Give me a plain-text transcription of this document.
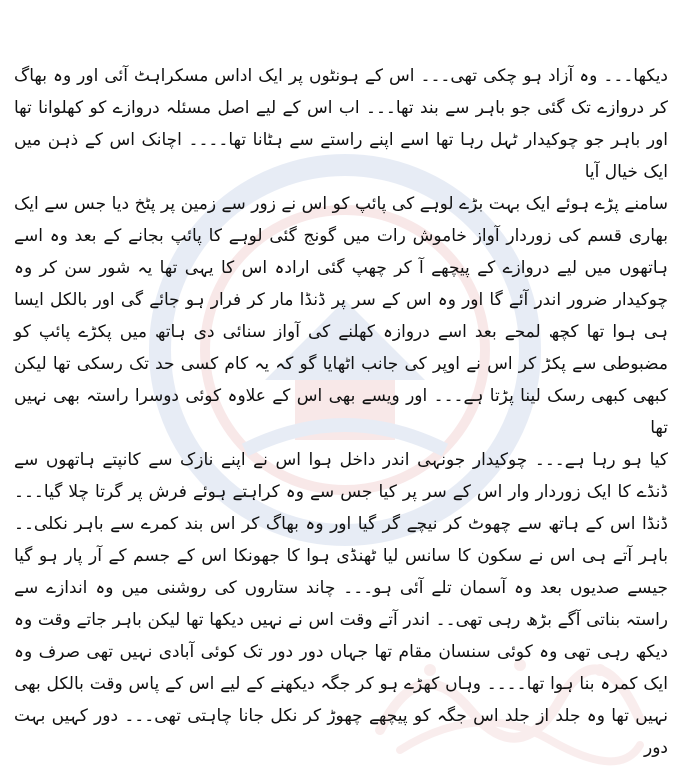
دیکھا۔۔۔ وہ آزاد ہو چکی تھی۔۔۔ اس کے ہونٹوں پر ایک اداس مسکراہٹ آئی اور وہ بھاگ کر دروازے تک گئی جو باہر سے بند تھا۔۔۔ اب اس کے لیے اصل مسئلہ دروازے کو کھلوانا تھا اور باہر جو چوکیدار ٹہل رہا تھا اسے اپنے راستے سے ہٹانا تھا۔۔۔۔ اچانک اس کے ذہن میں ایک خیال آیا

سامنے پڑے ہوئے ایک بہت بڑے لوہے کی پائپ کو اس نے زور سے زمین پر پٹخ دیا جس سے ایک بھاری قسم کی زوردار آواز خاموش رات میں گونج گئی لوہے کا پائپ بجانے کے بعد وہ اسے ہاتھوں میں لیے دروازے کے پیچھے آ کر چھپ گئی ارادہ اس کا یہی تھا یہ شور سن کر وہ چوکیدار ضرور اندر آئے گا اور وہ اس کے سر پر ڈنڈا مار کر فرار ہو جائے گی اور بالکل ایسا ہی ہوا تھا کچھ لمحے بعد اسے دروازہ کھلنے کی آواز سنائی دی ہاتھ میں پکڑے پائپ کو مضبوطی سے پکڑ کر اس نے اوپر کی جانب اٹھایا گو کہ یہ کام کسی حد تک رسکی تھا لیکن کبھی کبھی رسک لینا پڑتا ہے۔۔۔ اور ویسے بھی اس کے علاوہ کوئی دوسرا راستہ بھی نہیں تھا

کیا ہو رہا ہے۔۔۔ چوکیدار جونہی اندر داخل ہوا اس نے اپنے نازک سے کانپتے ہاتھوں سے ڈنڈے کا ایک زوردار وار اس کے سر پر کیا جس سے وہ کراہتے ہوئے فرش پر گرتا چلا گیا۔۔۔ ڈنڈا اس کے ہاتھ سے چھوٹ کر نیچے گر گیا اور وہ بھاگ کر اس بند کمرے سے باہر نکلی۔۔ باہر آتے ہی اس نے سکون کا سانس لیا ٹھنڈی ہوا کا جھونکا اس کے جسم کے آر پار ہو گیا جیسے صدیوں بعد وہ آسمان تلے آئی ہو۔۔۔ چاند ستاروں کی روشنی میں وہ اندازے سے راستہ بناتی آگے بڑھ رہی تھی۔۔ اندر آتے وقت اس نے نہیں دیکھا تھا لیکن باہر جاتے وقت وہ دیکھ رہی تھی وہ کوئی سنسان مقام تھا جہاں دور دور تک کوئی آبادی نہیں تھی صرف وہ ایک کمرہ بنا ہوا تھا۔۔۔۔ وہاں کھڑے ہو کر جگہ دیکھنے کے لیے اس کے پاس وقت بالکل بھی نہیں تھا وہ جلد از جلد اس جگہ کو پیچھے چھوڑ کر نکل جانا چاہتی تھی۔۔۔ دور کہیں بہت دور
